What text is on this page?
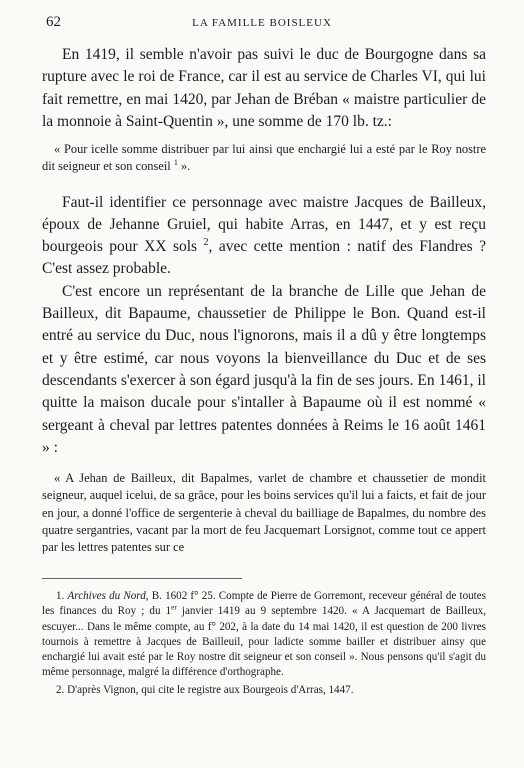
62	LA FAMILLE BOISLEUX

En 1419, il semble n'avoir pas suivi le duc de Bourgogne dans sa rupture avec le roi de France, car il est au service de Charles VI, qui lui fait remettre, en mai 1420, par Jehan de Bréban « maistre particulier de la monnoie à Saint-Quentin », une somme de 170 lb. tz.:

« Pour icelle somme distribuer par lui ainsi que enchargié lui a esté par le Roy nostre dit seigneur et son conseil $^1$ ».

Faut-il identifier ce personnage avec maistre Jacques de Bailleux, époux de Jehanne Gruiel, qui habite Arras, en 1447, et y est reçu bourgeois pour XX sols $^2$, avec cette mention : natif des Flandres ? C'est assez probable.

C'est encore un représentant de la branche de Lille que Jehan de Bailleux, dit Bapaume, chaussetier de Philippe le Bon. Quand est-il entré au service du Duc, nous l'ignorons, mais il a dû y être longtemps et y être estimé, car nous voyons la bienveillance du Duc et de ses descendants s'exercer à son égard jusqu'à la fin de ses jours. En 1461, il quitte la maison ducale pour s'intaller à Bapaume où il est nommé « sergeant à cheval par lettres patentes données à Reims le 16 août 1461 » :

« A Jehan de Bailleux, dit Bapalmes, varlet de chambre et chaussetier de mondit seigneur, auquel icelui, de sa grâce, pour les boins services qu'il lui a faicts, et fait de jour en jour, a donné l'office de sergenterie à cheval du bailliage de Bapalmes, du nombre des quatre sergantries, vacant par la mort de feu Jacquemart Lorsignot, comme tout ce appert par les lettres patentes sur ce

1. Archives du Nord, B. 1602 f° 25. Compte de Pierre de Gorremont, receveur général de toutes les finances du Roy ; du 1er janvier 1419 au 9 septembre 1420. « A Jacquemart de Bailleux, escuyer... Dans le même compte, au f° 202, à la date du 14 mai 1420, il est question de 200 livres tournois à remettre à Jacques de Bailleuil, pour ladicte somme bailler et distribuer ainsy que enchargié lui avait esté par le Roy nostre dit seigneur et son conseil ». Nous pensons qu'il s'agit du même personnage, malgré la différence d'orthographe.

2. D'après Vignon, qui cite le registre aux Bourgeois d'Arras, 1447.
